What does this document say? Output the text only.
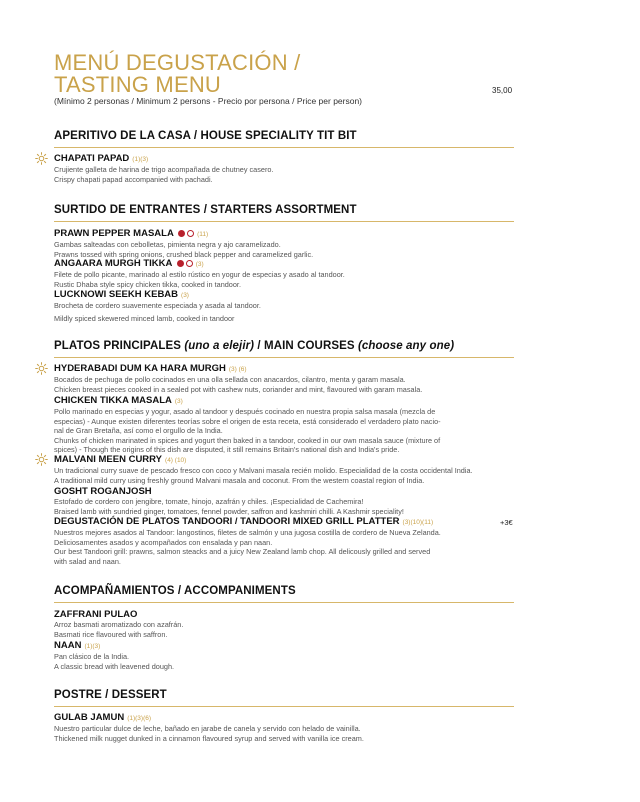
MENÚ DEGUSTACIÓN /
TASTING MENU	35,00
(Mínimo 2 personas / Minimum 2 persons - Precio por persona / Price per person)
APERITIVO DE LA CASA / HOUSE SPECIALITY TIT BIT
CHAPATI PAPAD (1)(3)

Crujiente galleta de harina de trigo acompañada de chutney casero.

Crispy chapati papad accompanied with pachadi.

SURTIDO DE ENTRANTES / STARTERS ASSORTMENT
PRAWN PEPPER MASALA	(11)

Gambas salteadas con cebolletas, pimienta negra y ajo caramelizado.

Prawns tossed with spring onions, crushed black pepper and caramelized garlic.

ANGAARA MURGH TIKKA	(3)

Filete de pollo picante, marinado al estilo rústico en yogur de especias y asado al tandoor.

Rustic Dhaba style spicy chicken tikka, cooked in tandoor.

LUCKNOWI SEEKH KEBAB (3)

Brocheta de cordero suavemente especiada y asada al tandoor.

Mildly spiced skewered minced lamb, cooked in tandoor

PLATOS PRINCIPALES (uno a elejir) / MAIN COURSES (choose any one)
HYDERABADI DUM KA HARA MURGH (3) (6)

Bocados de pechuga de pollo cocinados en una olla sellada con anacardos, cilantro, menta y garam masala.

Chicken breast pieces cooked in a sealed pot with cashew nuts, coriander and mint, flavoured with garam masala.

CHICKEN TIKKA MASALA (3)

Pollo marinado en especias y yogur, asado al tandoor y después cocinado en nuestra propia salsa masala (mezcla de

especias) - Aunque existen diferentes teorías sobre el origen de esta receta, está considerado el verdadero plato nacio-

nal de Gran Bretaña, así como el orgullo de la India.

Chunks of chicken marinated in spices and yogurt then baked in a tandoor, cooked in our own masala sauce (mixture of

spices) - Though the origins of this dish are disputed, it still remains Britain's national dish and India's pride.

MALVANI MEEN CURRY (4) (10)

Un tradicional curry suave de pescado fresco con coco y Malvani masala recién molido. Especialidad de la costa occidental India.

A traditional mild curry using freshly ground Malvani masala and coconut. From the western coastal region of India.

GOSHT ROGANJOSH

Estofado de cordero con jengibre, tomate, hinojo, azafrán y chiles. ¡Especialidad de Cachemira!

Braised lamb with sundried ginger, tomatoes, fennel powder, saffron and kashmiri chilli. A Kashmir speciality!

DEGUSTACIÓN DE PLATOS TANDOORI / TANDOORI MIXED GRILL PLATTER (3)(10)(11)

Nuestros mejores asados al Tandoor: langostinos, filetes de salmón y una jugosa costilla de cordero de Nueva Zelanda.

Deliciosamentes asados y acompañados con ensalada y pan naan.

Our best Tandoori grill: prawns, salmon steacks and a juicy New Zealand lamb chop. All delicously grilled and served

with salad and naan.

+3€
ACOMPAÑAMIENTOS / ACCOMPANIMENTS
ZAFFRANI PULAO

Arroz basmati aromatizado con azafrán.

Basmati rice flavoured with saffron.

NAAN (1)(3)

Pan clásico de la India.

A classic bread with leavened dough.

POSTRE / DESSERT
GULAB JAMUN (1)(3)(6)

Nuestro particular dulce de leche, bañado en jarabe de canela y servido con helado de vainilla.

Thickened milk nugget dunked in a cinnamon flavoured syrup and served with vanilla ice cream.
